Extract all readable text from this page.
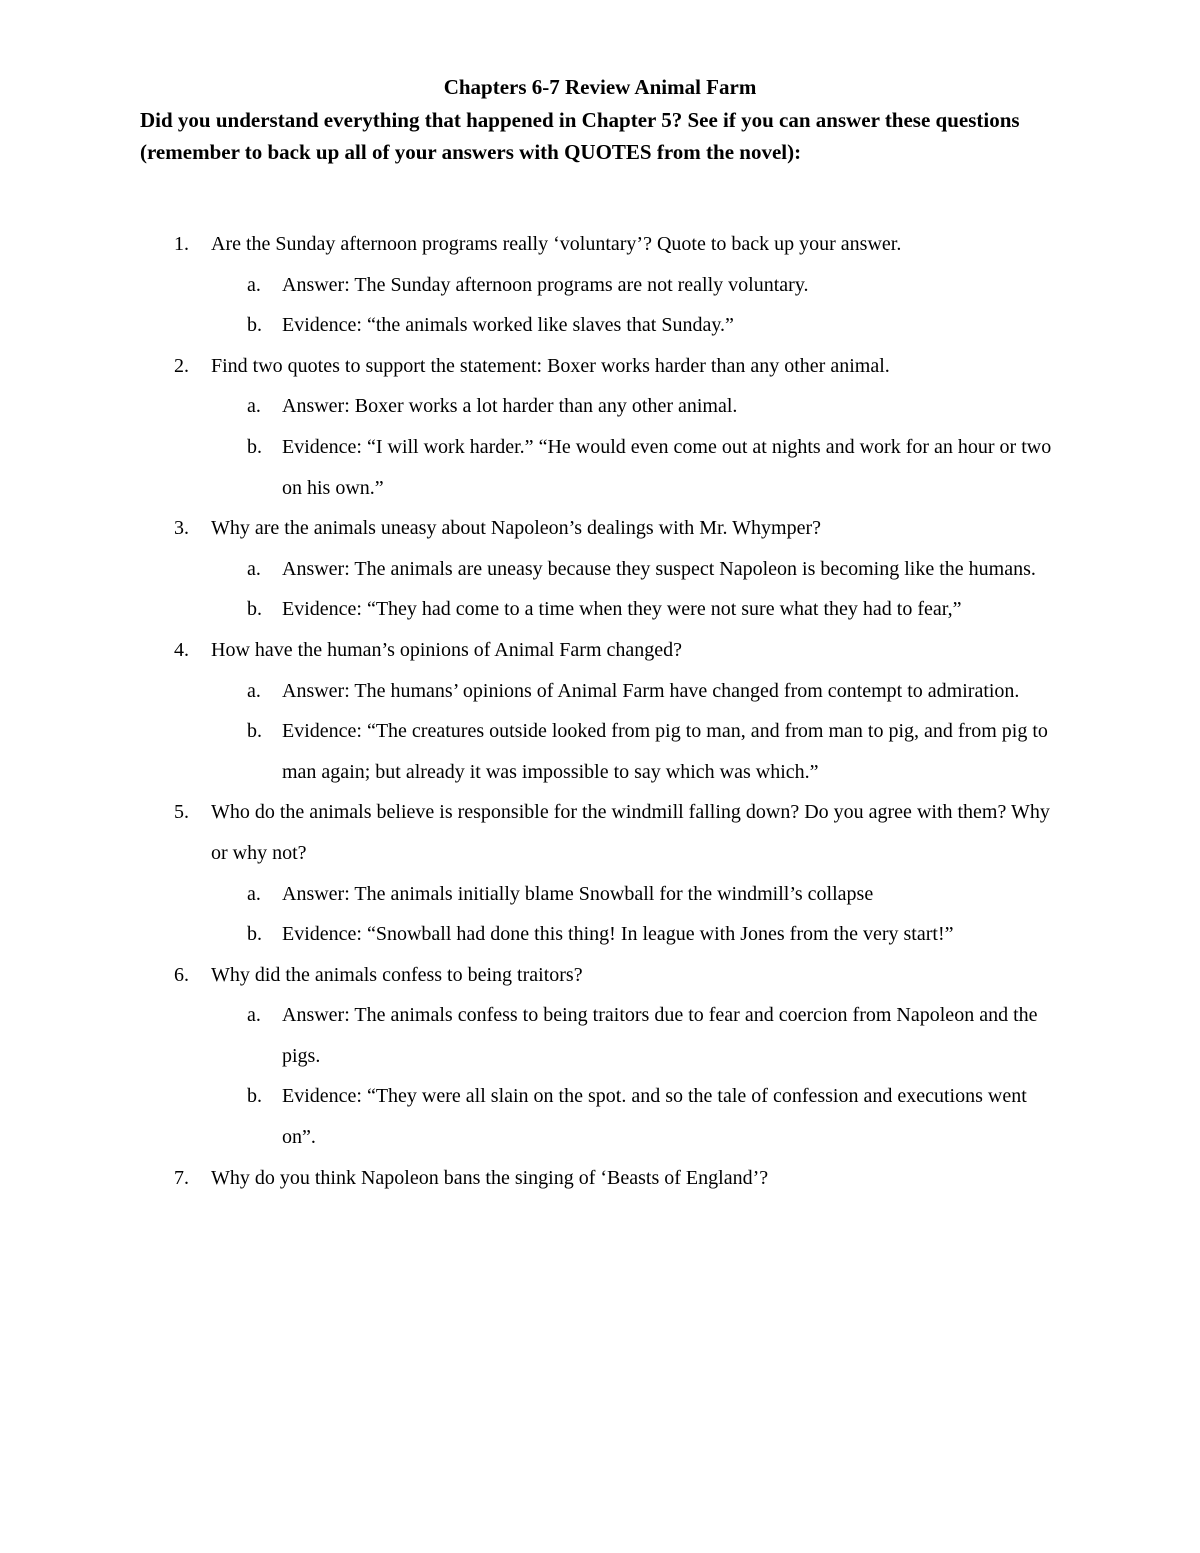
Chapters 6-7 Review Animal Farm
Did you understand everything that happened in Chapter 5? See if you can answer these questions (remember to back up all of your answers with QUOTES from the novel):
1. Are the Sunday afternoon programs really ‘voluntary’? Quote to back up your answer.
a. Answer: The Sunday afternoon programs are not really voluntary.
b. Evidence: “the animals worked like slaves that Sunday.”
2. Find two quotes to support the statement: Boxer works harder than any other animal.
a. Answer: Boxer works a lot harder than any other animal.
b. Evidence: “I will work harder.” “He would even come out at nights and work for an hour or two on his own.”
3. Why are the animals uneasy about Napoleon’s dealings with Mr. Whymper?
a. Answer: The animals are uneasy because they suspect Napoleon is becoming like the humans.
b. Evidence: “They had come to a time when they were not sure what they had to fear,”
4. How have the human’s opinions of Animal Farm changed?
a. Answer: The humans’ opinions of Animal Farm have changed from contempt to admiration.
b. Evidence: “The creatures outside looked from pig to man, and from man to pig, and from pig to man again; but already it was impossible to say which was which.”
5. Who do the animals believe is responsible for the windmill falling down? Do you agree with them? Why or why not?
a. Answer: The animals initially blame Snowball for the windmill’s collapse
b. Evidence: “Snowball had done this thing! In league with Jones from the very start!”
6. Why did the animals confess to being traitors?
a. Answer: The animals confess to being traitors due to fear and coercion from Napoleon and the pigs.
b. Evidence: “They were all slain on the spot. and so the tale of confession and executions went on”.
7. Why do you think Napoleon bans the singing of ‘Beasts of England’?
